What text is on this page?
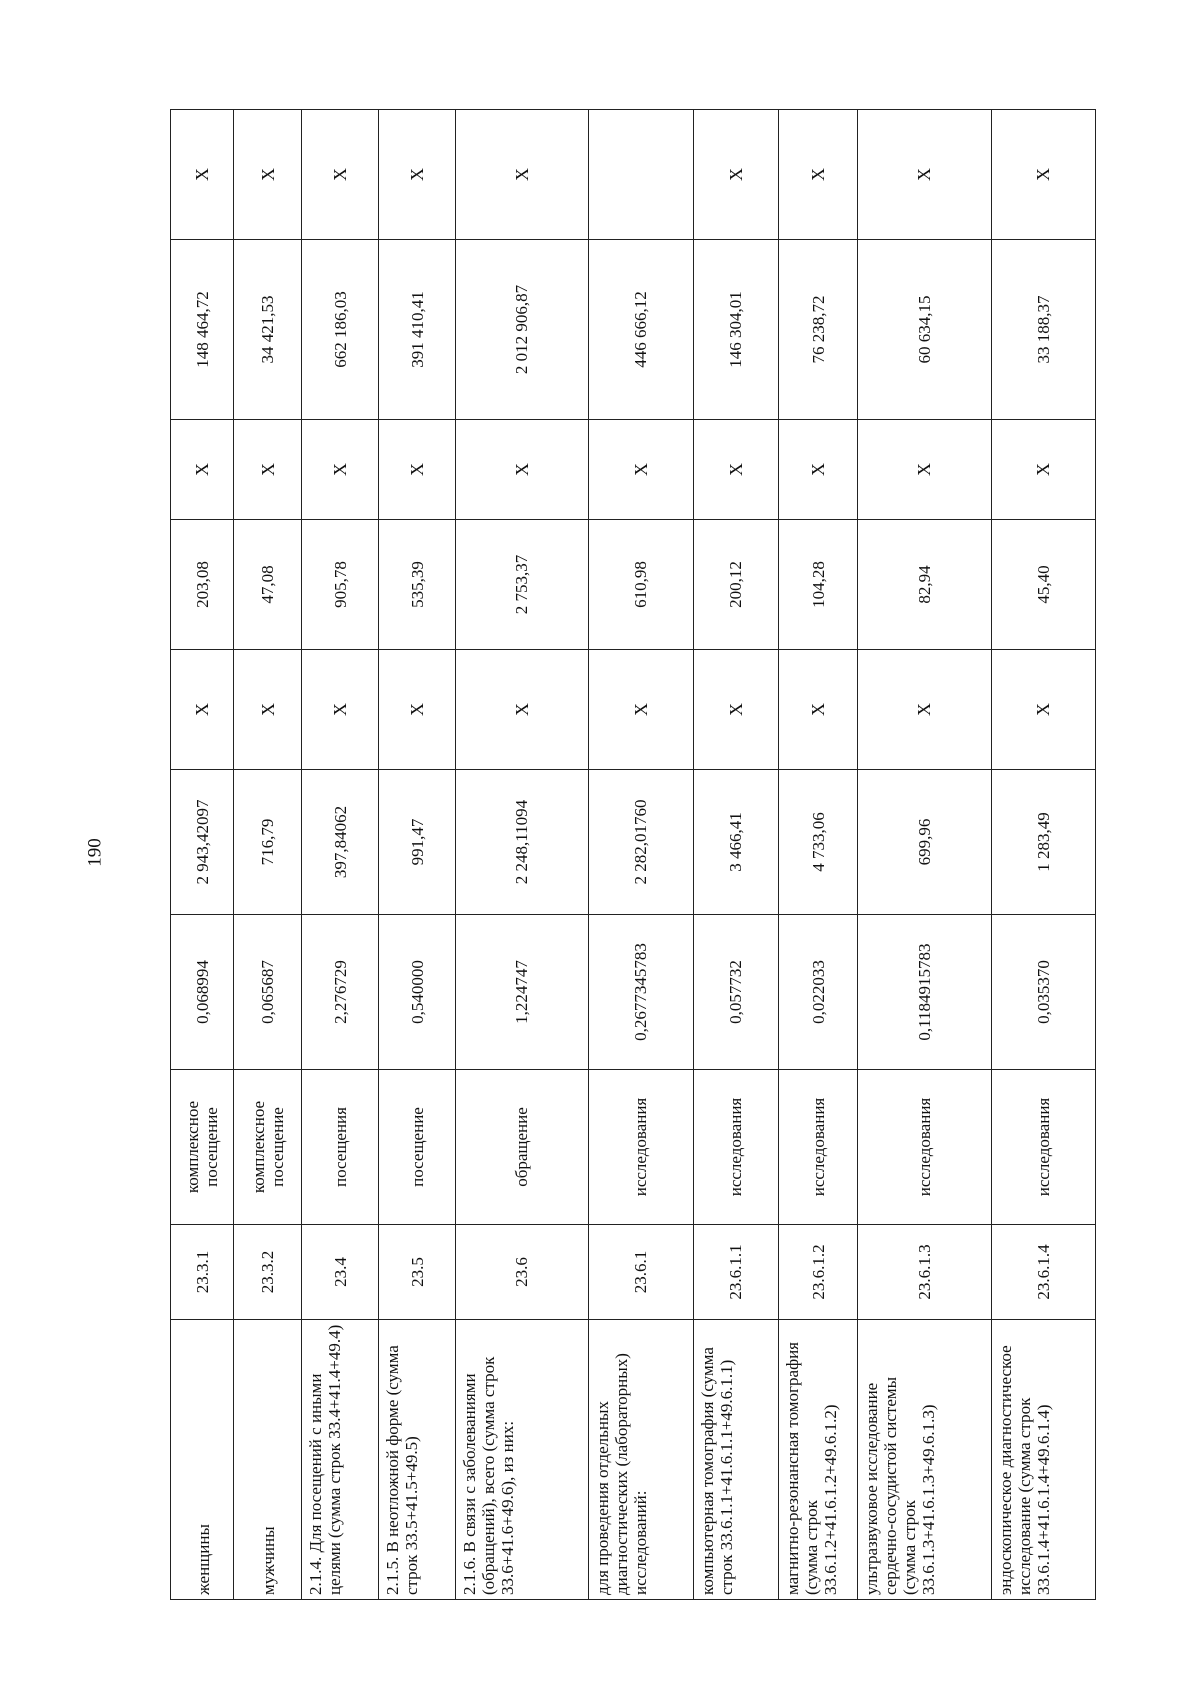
190
женщины	23.3.1	комплексное посещение	0,068994	2 943,42097	X	203,08	X	148 464,72	X
мужчины	23.3.2	комплексное посещение	0,065687	716,79	X	47,08	X	34 421,53	X
2.1.4. Для посещений с иными целями (сумма строк 33.4+41.4+49.4)	23.4	посещения	2,276729	397,84062	X	905,78	X	662 186,03	X
2.1.5. В неотложной форме (сумма строк 33.5+41.5+49.5)	23.5	посещение	0,540000	991,47	X	535,39	X	391 410,41	X
2.1.6. В связи с заболеваниями (обращений), всего (сумма строк 33.6+41.6+49.6), из них:	23.6	обращение	1,224747	2 248,11094	X	2 753,37	X	2 012 906,87	X
для проведения отдельных диагностических (лабораторных) исследований:	23.6.1	исследования	0,2677345783	2 282,01760	X	610,98	X	446 666,12	
компьютерная томография (сумма строк 33.6.1.1+41.6.1.1+49.6.1.1)	23.6.1.1	исследования	0,057732	3 466,41	X	200,12	X	146 304,01	X
магнитно-резонансная томография (сумма строк 33.6.1.2+41.6.1.2+49.6.1.2)	23.6.1.2	исследования	0,022033	4 733,06	X	104,28	X	76 238,72	X
ультразвуковое исследование сердечно-сосудистой системы (сумма строк 33.6.1.3+41.6.1.3+49.6.1.3)	23.6.1.3	исследования	0,1184915783	699,96	X	82,94	X	60 634,15	X
эндоскопическое диагностическое исследование (сумма строк 33.6.1.4+41.6.1.4+49.6.1.4)	23.6.1.4	исследования	0,035370	1 283,49	X	45,40	X	33 188,37	X
